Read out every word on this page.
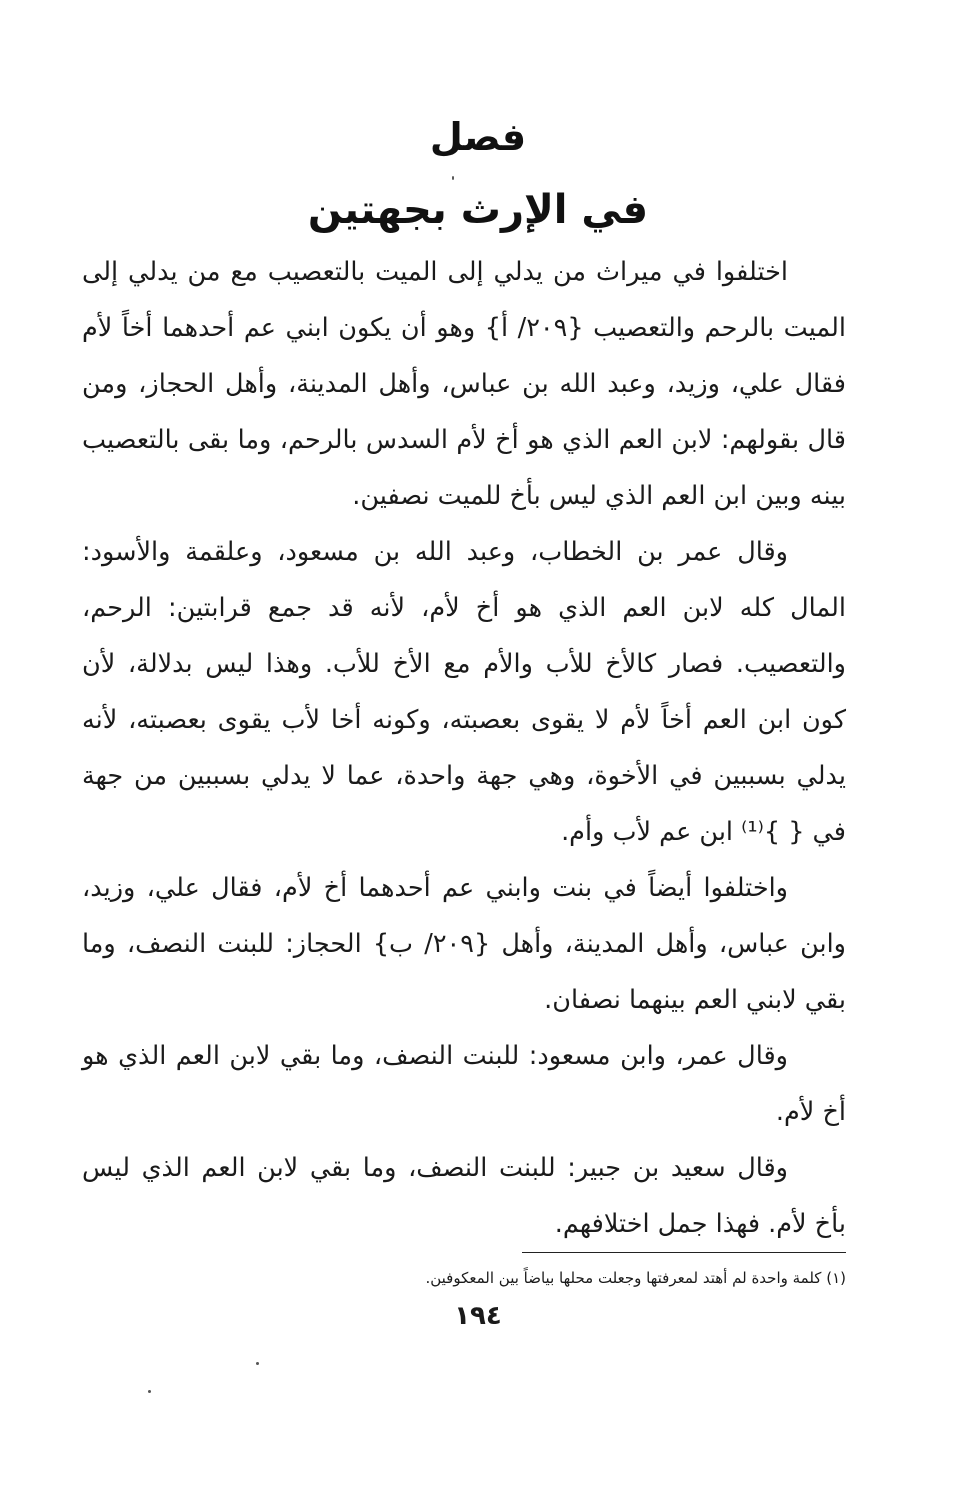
فصل
في الإرث بجهتين

اختلفوا في ميراث من يدلي إلى الميت بالتعصيب مع من يدلي إلى الميت بالرحم والتعصيب {٢٠٩/ أ} وهو أن يكون ابني عم أحدهما أخاً لأم فقال علي، وزيد، وعبد الله بن عباس، وأهل المدينة، وأهل الحجاز، ومن قال بقولهم: لابن العم الذي هو أخ لأم السدس بالرحم، وما بقى بالتعصيب بينه وبين ابن العم الذي ليس بأخ للميت نصفين.

وقال عمر بن الخطاب، وعبد الله بن مسعود، وعلقمة والأسود: المال كله لابن العم الذي هو أخ لأم، لأنه قد جمع قرابتين: الرحم، والتعصيب. فصار كالأخ للأب والأم مع الأخ للأب. وهذا ليس بدلالة، لأن كون ابن العم أخاً لأم لا يقوى بعصبته، وكونه أخا لأب يقوى بعصبته، لأنه يدلي بسببين في الأخوة، وهي جهة واحدة، عما لا يدلي بسببين من جهة في { }⁽¹⁾ ابن عم لأب وأم.

واختلفوا أيضاً في بنت وابني عم أحدهما أخ لأم، فقال علي، وزيد، وابن عباس، وأهل المدينة، وأهل {٢٠٩/ ب} الحجاز: للبنت النصف، وما بقي لابني العم بينهما نصفان.

وقال عمر، وابن مسعود: للبنت النصف، وما بقي لابن العم الذي هو أخ لأم.

وقال سعيد بن جبير: للبنت النصف، وما بقي لابن العم الذي ليس بأخ لأم. فهذا جمل اختلافهم.

(١) كلمة واحدة لم أهتد لمعرفتها وجعلت محلها بياضاً بين المعكوفين.
١٩٤
